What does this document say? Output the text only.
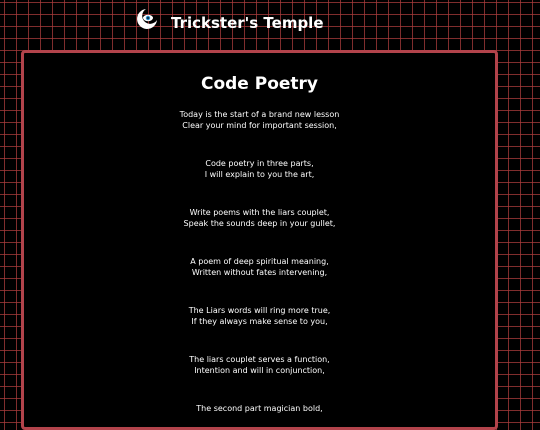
Trickster's Temple
Code Poetry
Today is the start of a brand new lesson
Clear your mind for important session,
Code poetry in three parts,
I will explain to you the art,
Write poems with the liars couplet,
Speak the sounds deep in your gullet,
A poem of deep spiritual meaning,
Written without fates intervening,
The Liars words will ring more true,
If they always make sense to you,
The liars couplet serves a function,
Intention and will in conjunction,
The second part magician bold,
